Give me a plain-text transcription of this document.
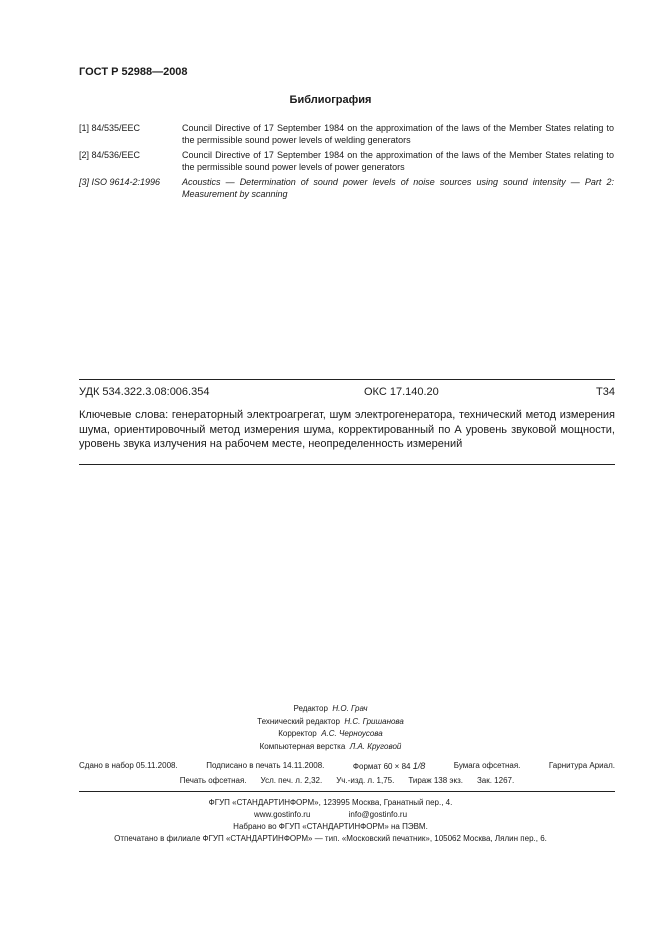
ГОСТ Р 52988—2008
Библиография
[1] 84/535/ЕЕС	Council Directive of 17 September 1984 on the approximation of the laws of the Member States relating to the permissible sound power levels of welding generators
[2] 84/536/ЕЕС	Council Directive of 17 September 1984 on the approximation of the laws of the Member States relating to the permissible sound power levels of power generators
[3] ISO 9614-2:1996 Acoustics — Determination of sound power levels of noise sources using sound intensity — Part 2: Measurement by scanning
УДК 534.322.3.08:006.354	ОКС 17.140.20	Т34
Ключевые слова: генераторный электроагрегат, шум электрогенератора, технический метод измерения шума, ориентировочный метод измерения шума, корректированный по А уровень звуковой мощности, уровень звука излучения на рабочем месте, неопределенность измерений
Редактор Н.О. Грач
Технический редактор Н.С. Гришанова
Корректор А.С. Черноусова
Компьютерная верстка Л.А. Круговой
Сдано в набор 05.11.2008.	Подписано в печать 14.11.2008.	Формат 60 × 84 1/8	Бумага офсетная.	Гарнитура Ариал.
Печать офсетная. Усл. печ. л. 2,32. Уч.-изд. л. 1,75. Тираж 138 экз. Зак. 1267.
ФГУП «СТАНДАРТИНФОРМ», 123995 Москва, Гранатный пер., 4.
www.gostinfo.ru	info@gostinfo.ru
Набрано во ФГУП «СТАНДАРТИНФОРМ» на ПЭВМ.
Отпечатано в филиале ФГУП «СТАНДАРТИНФОРМ» — тип. «Московский печатник», 105062 Москва, Лялин пер., 6.
